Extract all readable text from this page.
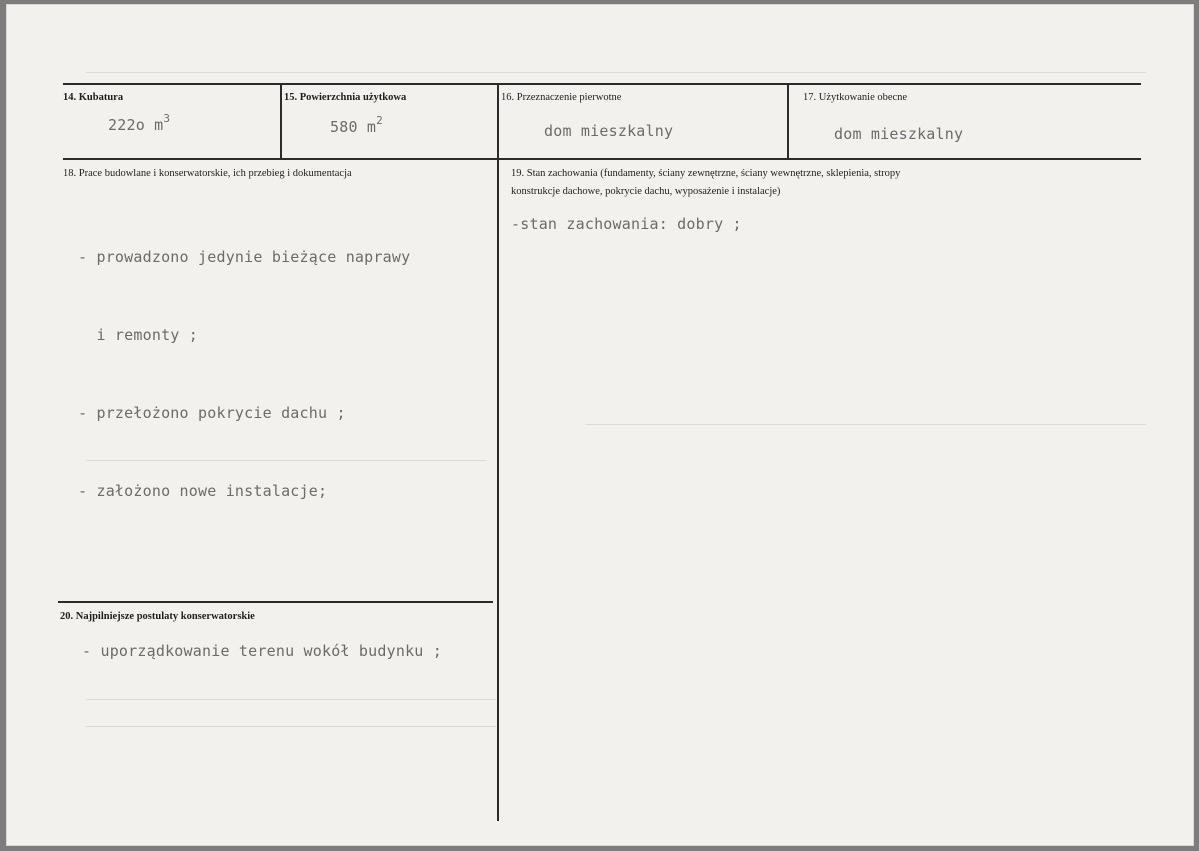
14. Kubatura
222o $m^3$
15. Powierzchnia użytkowa
580 $m^2$
16. Przeznaczenie pierwotne
dom mieszkalny
17. Użytkowanie obecne
dom mieszkalny
18. Prace budowlane i konserwatorskie, ich przebieg i dokumentacja

- prowadzono jedynie bieżące naprawy

i remonty ;

- przełożono pokrycie dachu ;

- założono nowe instalacje;

19. Stan zachowania (fundamenty, ściany zewnętrzne, ściany wewnętrzne, sklepienia, stropy
konstrukcje dachowe, pokrycie dachu, wyposażenie i instalacje)
-stan zachowania: dobry ;
20. Najpilniejsze postulaty konserwatorskie
- uporządkowanie terenu wokół budynku ;
